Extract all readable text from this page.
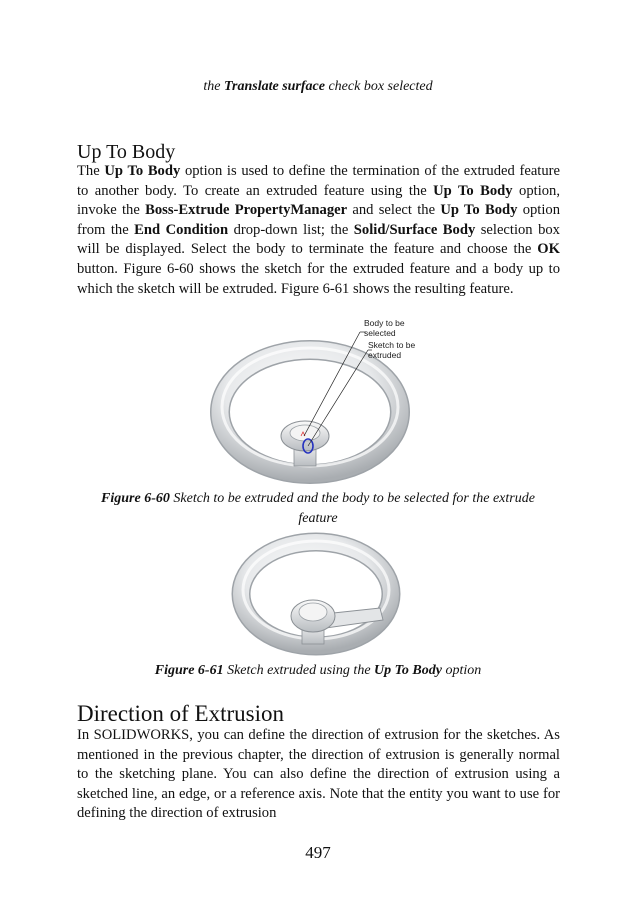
the Translate surface check box selected
Up To Body

The Up To Body option is used to define the termination of the extruded feature to another body. To create an extruded feature using the Up To Body option, invoke the Boss-Extrude PropertyManager and select the Up To Body option from the End Condition drop-down list; the Solid/Surface Body selection box will be displayed. Select the body to terminate the feature and choose the OK button. Figure 6-60 shows the sketch for the extruded feature and a body up to which the sketch will be extruded. Figure 6-61 shows the resulting feature.

Body to be
selected
Sketch to be
extruded
Figure 6-60 Sketch to be extruded and the body to be selected for the extrude feature
Figure 6-61 Sketch extruded using the Up To Body option
Direction of Extrusion

In SOLIDWORKS, you can define the direction of extrusion for the sketches. As mentioned in the previous chapter, the direction of extrusion is generally normal to the sketching plane. You can also define the direction of extrusion using a sketched line, an edge, or a reference axis. Note that the entity you want to use for defining the direction of extrusion

497
